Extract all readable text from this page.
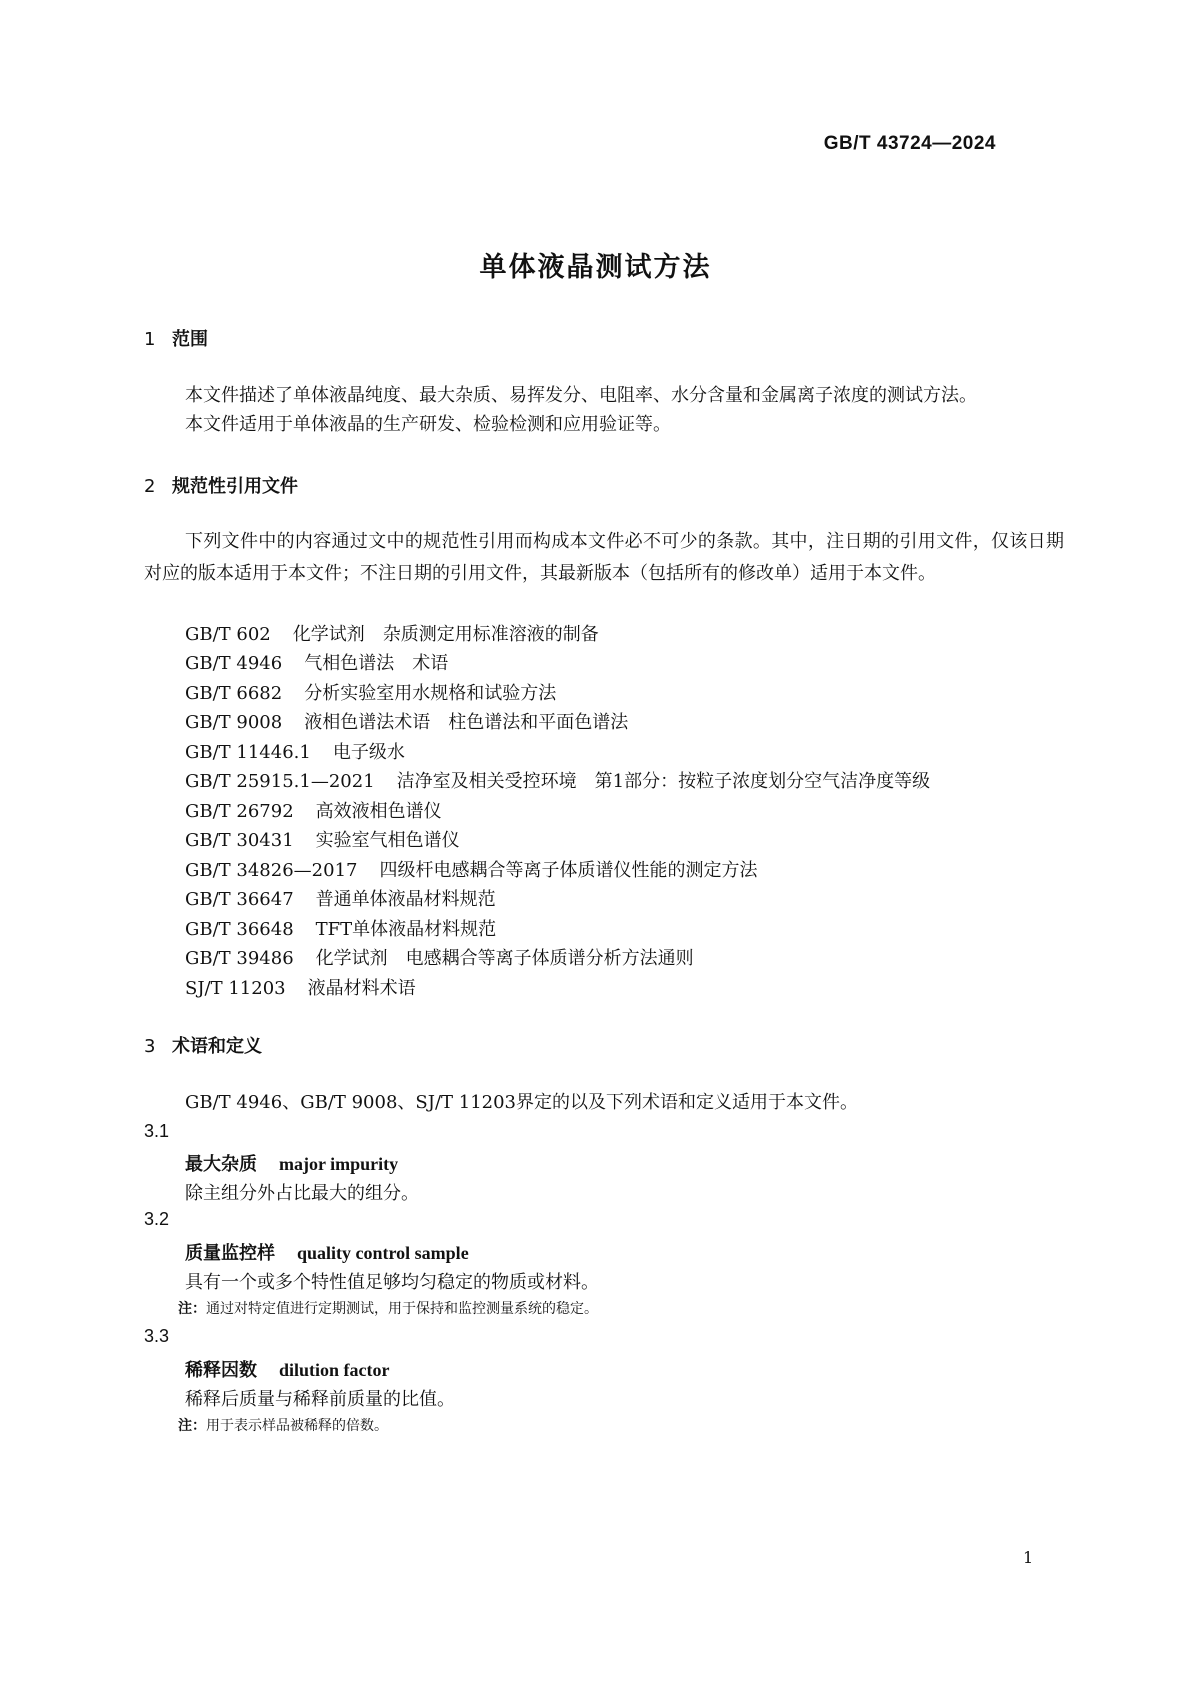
GB/T 43724—2024
单体液晶测试方法
1 范围
本文件描述了单体液晶纯度、最大杂质、易挥发分、电阻率、水分含量和金属离子浓度的测试方法。
本文件适用于单体液晶的生产研发、检验检测和应用验证等。
2 规范性引用文件
下列文件中的内容通过文中的规范性引用而构成本文件必不可少的条款。其中，注日期的引用文件，仅该日期对应的版本适用于本文件；不注日期的引用文件，其最新版本（包括所有的修改单）适用于本文件。
GB/T 602 化学试剂　杂质测定用标准溶液的制备
GB/T 4946 气相色谱法　术语
GB/T 6682 分析实验室用水规格和试验方法
GB/T 9008 液相色谱法术语　柱色谱法和平面色谱法
GB/T 11446.1 电子级水
GB/T 25915.1—2021 洁净室及相关受控环境　第1部分：按粒子浓度划分空气洁净度等级
GB/T 26792 高效液相色谱仪
GB/T 30431 实验室气相色谱仪
GB/T 34826—2017 四级杆电感耦合等离子体质谱仪性能的测定方法
GB/T 36647 普通单体液晶材料规范
GB/T 36648 TFT单体液晶材料规范
GB/T 39486 化学试剂　电感耦合等离子体质谱分析方法通则
SJ/T 11203 液晶材料术语
3 术语和定义
GB/T 4946、GB/T 9008、SJ/T 11203界定的以及下列术语和定义适用于本文件。
3.1
最大杂质 major impurity
除主组分外占比最大的组分。
3.2
质量监控样 quality control sample
具有一个或多个特性值足够均匀稳定的物质或材料。
注：通过对特定值进行定期测试，用于保持和监控测量系统的稳定。
3.3
稀释因数 dilution factor
稀释后质量与稀释前质量的比值。
注：用于表示样品被稀释的倍数。
1
